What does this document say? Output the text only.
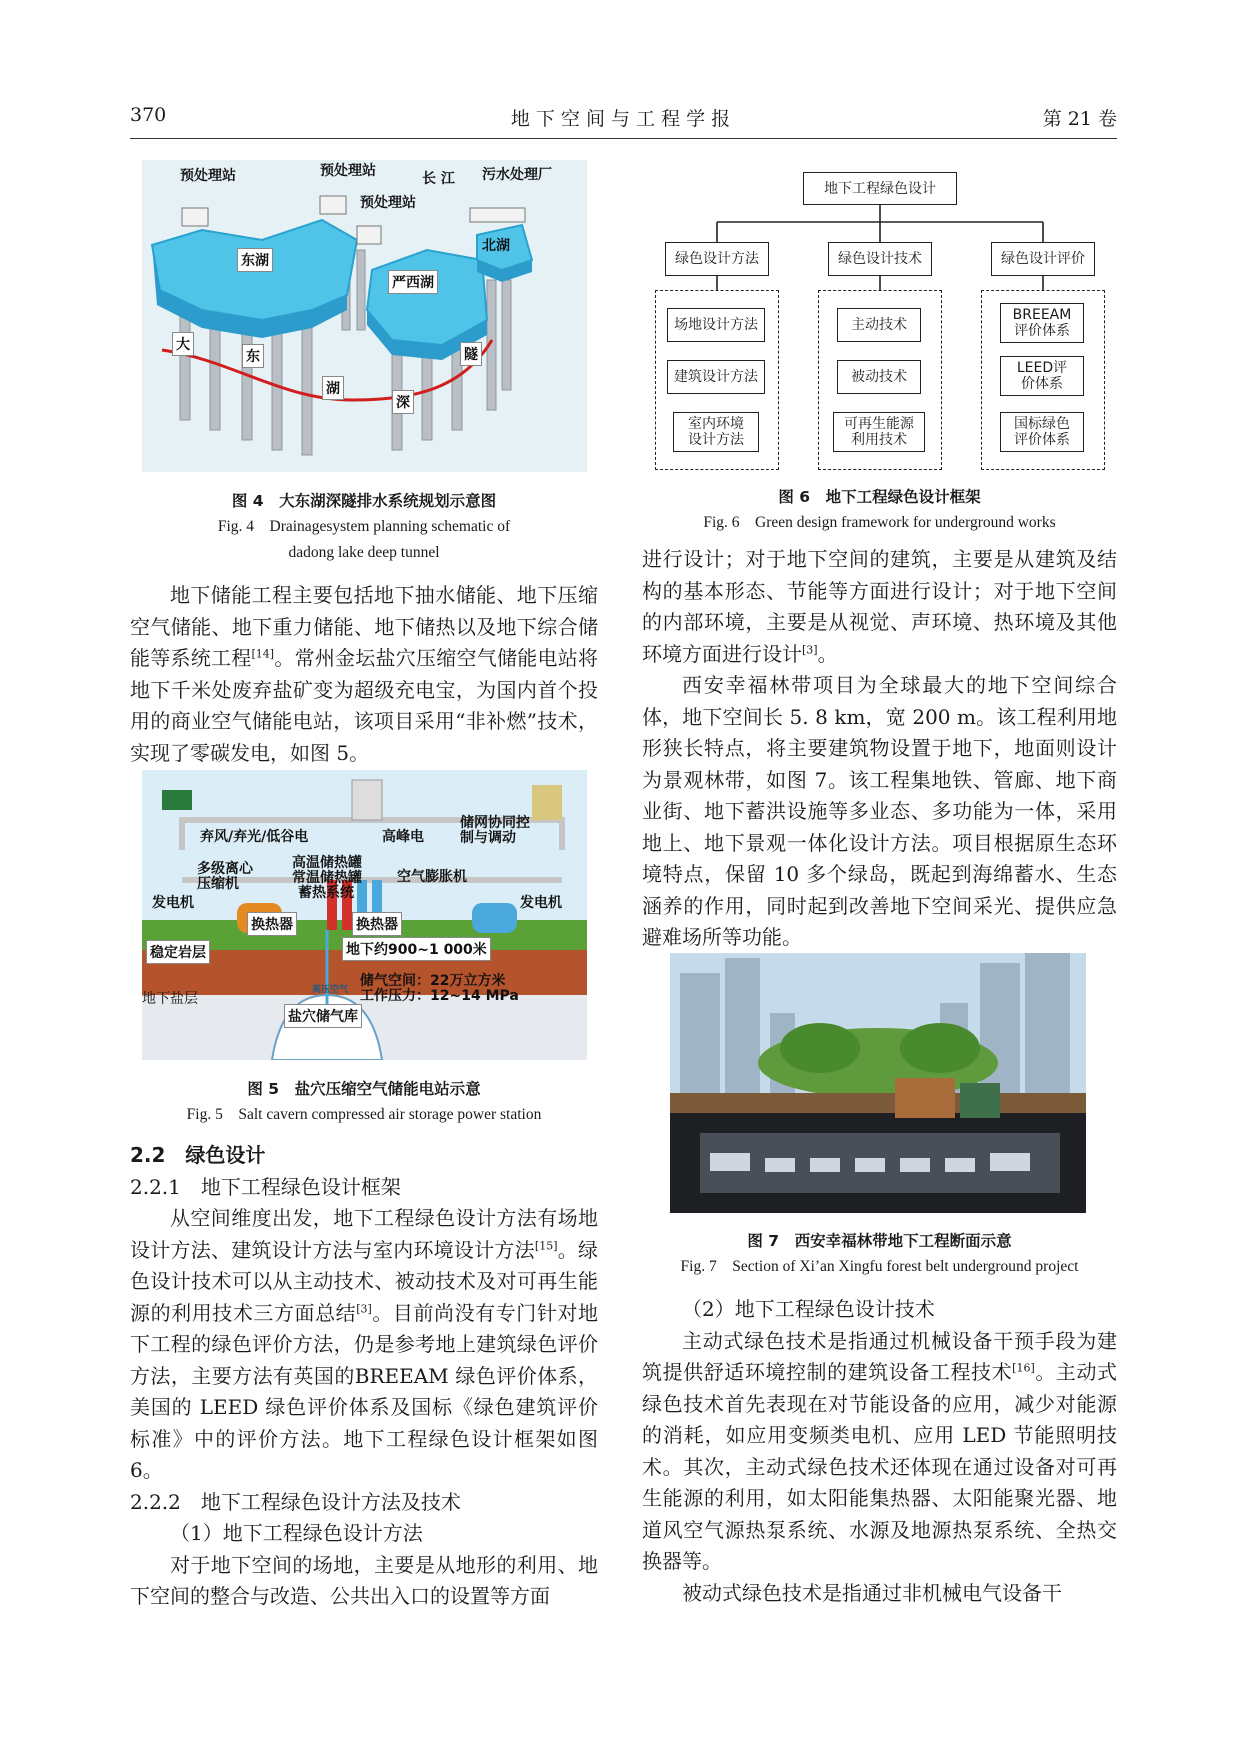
370	地 下 空 间 与 工 程 学 报	第 21 卷
预处理站	预处理站
预处理站
长 江 污水处理厂
北湖
东湖
严西湖
大
东
湖
深
隧
图 4　大东湖深隧排水系统规划示意图
Fig. 4　Drainagesystem planning schematic of
dadong lake deep tunnel

地下储能工程主要包括地下抽水储能、地下压缩空气储能、地下重力储能、地下储热以及地下综合储能等系统工程[14]。常州金坛盐穴压缩空气储能电站将地下千米处废弃盐矿变为超级充电宝，为国内首个投用的商业空气储能电站，该项目采用“非补燃”技术，实现了零碳发电，如图 5。

弃风/弃光/低谷电	高峰电
储网协同控制与调动
多级离心压缩机
高温储热罐
常温储热罐
蓄热系统
空气膨胀机
发电机	发电机
换热器	换热器
稳定岩层	地下约900~1 000米
地下盐层
储气空间：22万立方米
工作压力：12~14 MPa
盐穴储气库
高压空气
图 5　盐穴压缩空气储能电站示意
Fig. 5　Salt cavern compressed air storage power station

2.2　绿色设计

2.2.1　地下工程绿色设计框架

从空间维度出发，地下工程绿色设计方法有场地设计方法、建筑设计方法与室内环境设计方法[15]。绿色设计技术可以从主动技术、被动技术及对可再生能源的利用技术三方面总结[3]。目前尚没有专门针对地下工程的绿色评价方法，仍是参考地上建筑绿色评价方法，主要方法有英国的BREEAM 绿色评价体系，美国的 LEED 绿色评价体系及国标《绿色建筑评价标准》中的评价方法。地下工程绿色设计框架如图 6。

2.2.2　地下工程绿色设计方法及技术

（1）地下工程绿色设计方法

对于地下空间的场地，主要是从地形的利用、地下空间的整合与改造、公共出入口的设置等方面

地下工程绿色设计
绿色设计方法	绿色设计技术	绿色设计评价
场地设计方法
建筑设计方法
室内环境设计方法
主动技术
被动技术
可再生能源利用技术
BREEAM评价体系
LEED评价体系
国标绿色评价体系
图 6　地下工程绿色设计框架
Fig. 6　Green design framework for underground works

进行设计；对于地下空间的建筑，主要是从建筑及结构的基本形态、节能等方面进行设计；对于地下空间的内部环境，主要是从视觉、声环境、热环境及其他环境方面进行设计[3]。

西安幸福林带项目为全球最大的地下空间综合体，地下空间长 5. 8 km，宽 200 m。该工程利用地形狭长特点，将主要建筑物设置于地下，地面则设计为景观林带，如图 7。该工程集地铁、管廊、地下商业街、地下蓄洪设施等多业态、多功能为一体，采用地上、地下景观一体化设计方法。项目根据原生态环境特点，保留 10 多个绿岛，既起到海绵蓄水、生态涵养的作用，同时起到改善地下空间采光、提供应急避难场所等功能。

图 7　西安幸福林带地下工程断面示意
Fig. 7　Section of Xi’an Xingfu forest belt underground project

（2）地下工程绿色设计技术

主动式绿色技术是指通过机械设备干预手段为建筑提供舒适环境控制的建筑设备工程技术[16]。主动式绿色技术首先表现在对节能设备的应用，减少对能源的消耗，如应用变频类电机、应用 LED 节能照明技术。其次，主动式绿色技术还体现在通过设备对可再生能源的利用，如太阳能集热器、太阳能聚光器、地道风空气源热泵系统、水源及地源热泵系统、全热交换器等。

被动式绿色技术是指通过非机械电气设备干
